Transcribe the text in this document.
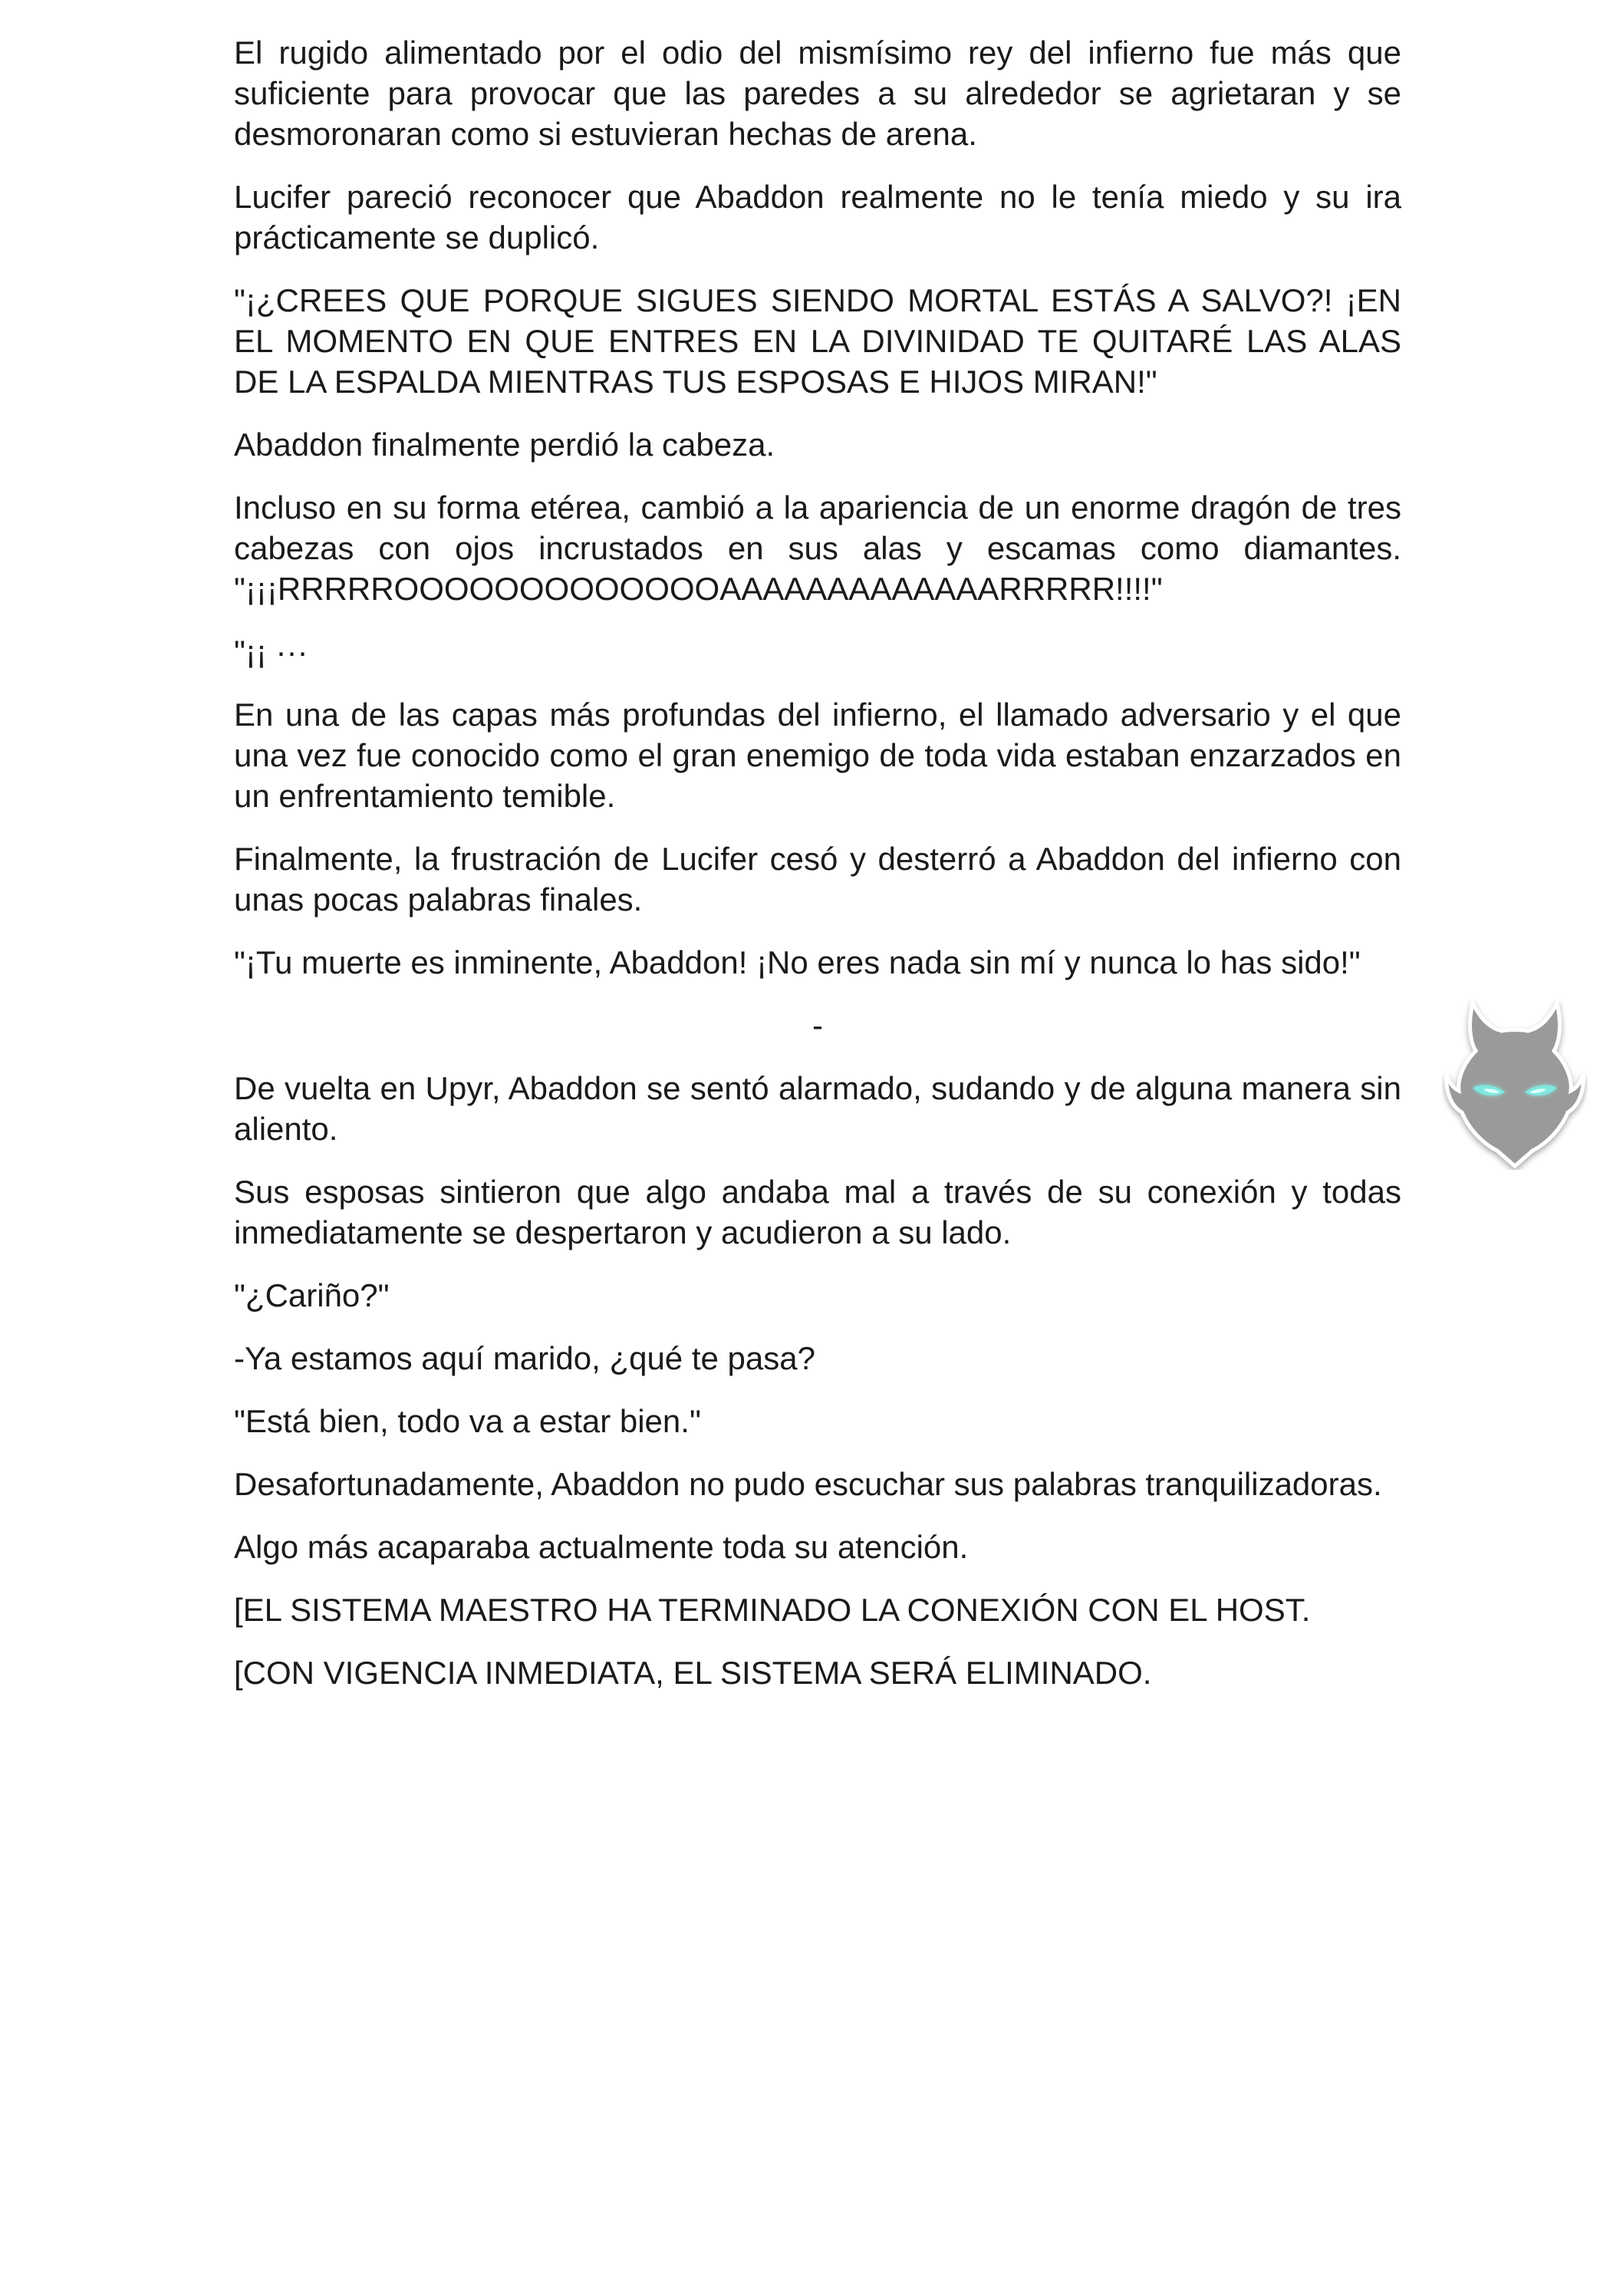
El rugido alimentado por el odio del mismísimo rey del infierno fue más que suficiente para provocar que las paredes a su alrededor se agrietaran y se desmoronaran como si estuvieran hechas de arena.

Lucifer pareció reconocer que Abaddon realmente no le tenía miedo y su ira prácticamente se duplicó.

"¡¿CREES QUE PORQUE SIGUES SIENDO MORTAL ESTÁS A SALVO?! ¡EN EL MOMENTO EN QUE ENTRES EN LA DIVINIDAD TE QUITARÉ LAS ALAS DE LA ESPALDA MIENTRAS TUS ESPOSAS E HIJOS MIRAN!"

Abaddon finalmente perdió la cabeza.

Incluso en su forma etérea, cambió a la apariencia de un enorme dragón de tres cabezas con ojos incrustados en sus alas y escamas como diamantes. "¡¡¡RRRRROOOOOOOOOOOOOAAAAAAAAAAAAARRRRR!!!!"

"¡¡ ···

En una de las capas más profundas del infierno, el llamado adversario y el que una vez fue conocido como el gran enemigo de toda vida estaban enzarzados en un enfrentamiento temible.

Finalmente, la frustración de Lucifer cesó y desterró a Abaddon del infierno con unas pocas palabras finales.

"¡Tu muerte es inminente, Abaddon! ¡No eres nada sin mí y nunca lo has sido!"

-

De vuelta en Upyr, Abaddon se sentó alarmado, sudando y de alguna manera sin aliento.

Sus esposas sintieron que algo andaba mal a través de su conexión y todas inmediatamente se despertaron y acudieron a su lado.

"¿Cariño?"

-Ya estamos aquí marido, ¿qué te pasa?

"Está bien, todo va a estar bien."

Desafortunadamente, Abaddon no pudo escuchar sus palabras tranquilizadoras.

Algo más acaparaba actualmente toda su atención.

[EL SISTEMA MAESTRO HA TERMINADO LA CONEXIÓN CON EL HOST.

[CON VIGENCIA INMEDIATA, EL SISTEMA SERÁ ELIMINADO.
